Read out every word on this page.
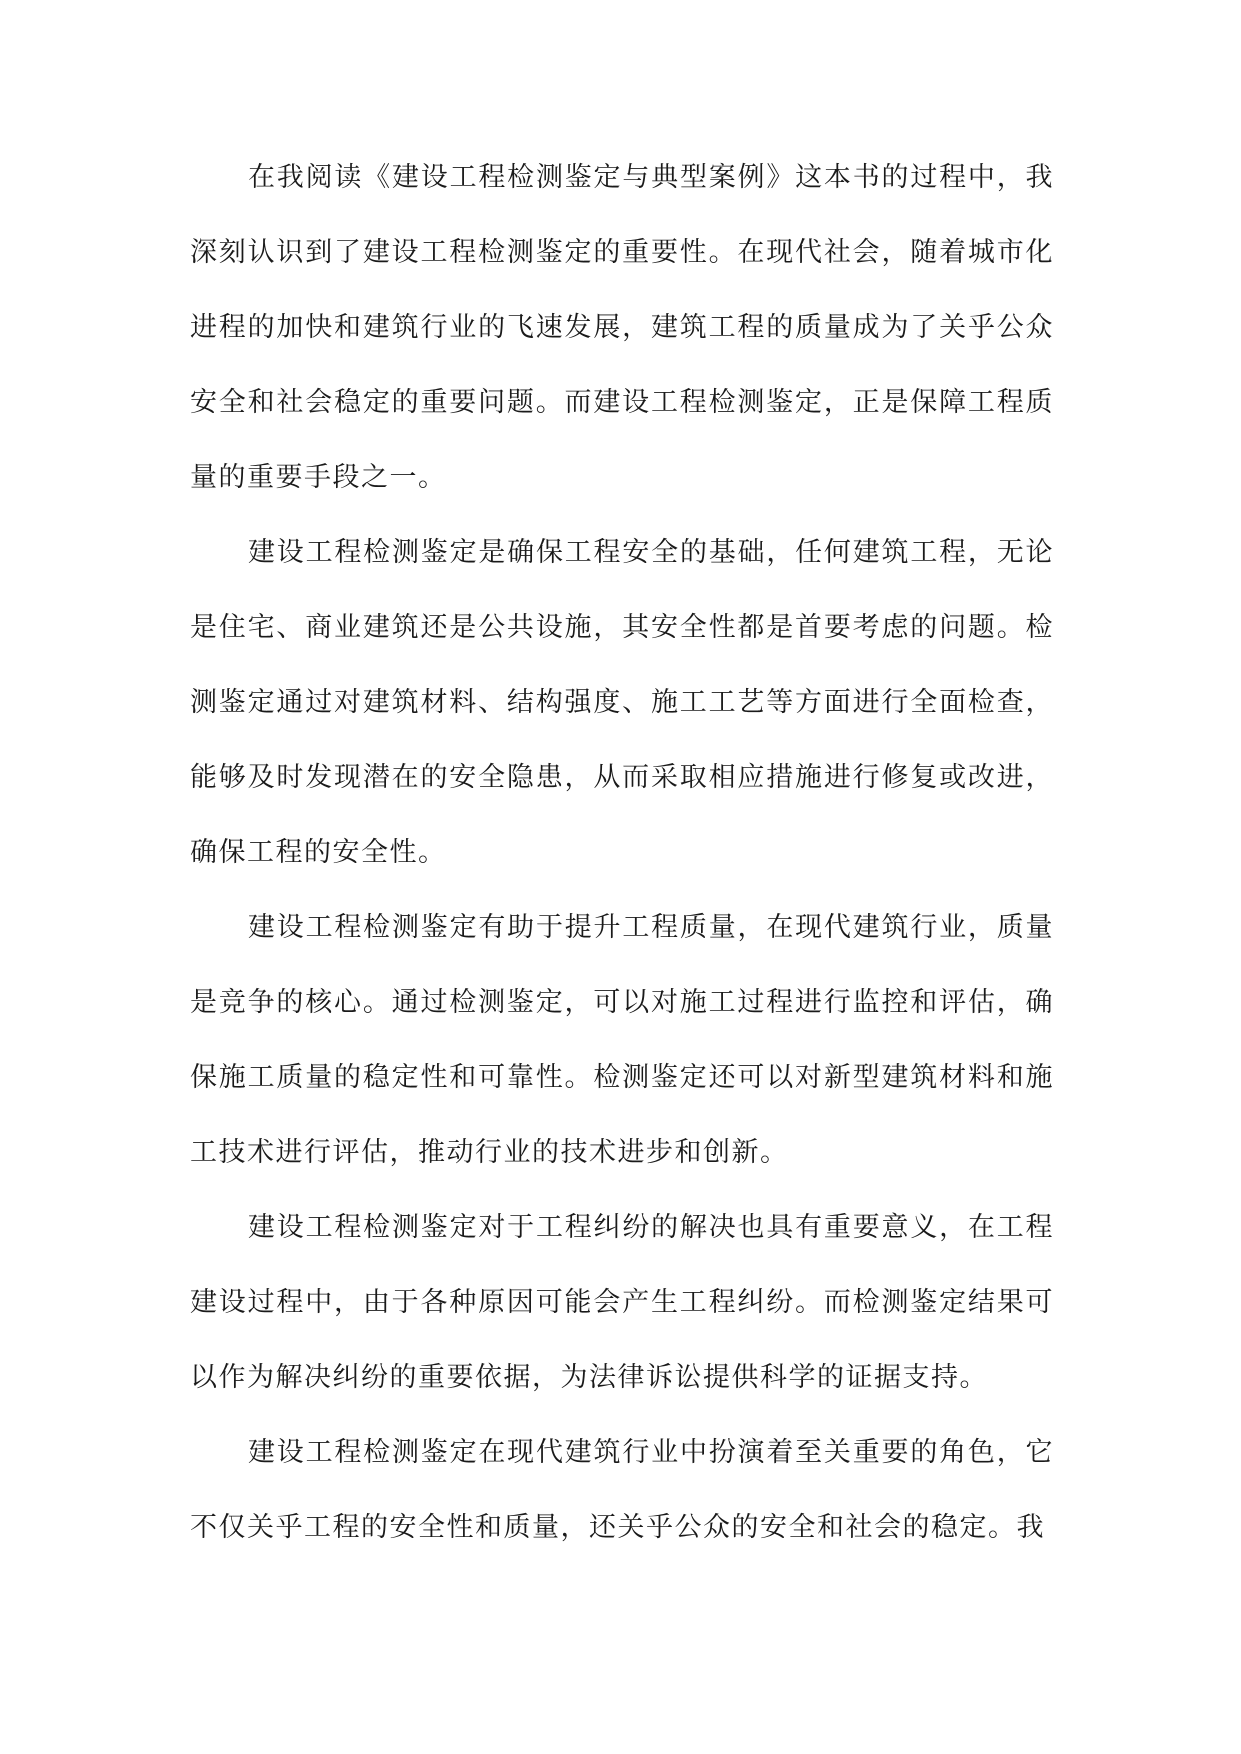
在我阅读《建设工程检测鉴定与典型案例》这本书的过程中，我深刻认识到了建设工程检测鉴定的重要性。在现代社会，随着城市化进程的加快和建筑行业的飞速发展，建筑工程的质量成为了关乎公众安全和社会稳定的重要问题。而建设工程检测鉴定，正是保障工程质量的重要手段之一。

建设工程检测鉴定是确保工程安全的基础，任何建筑工程，无论是住宅、商业建筑还是公共设施，其安全性都是首要考虑的问题。检测鉴定通过对建筑材料、结构强度、施工工艺等方面进行全面检查，能够及时发现潜在的安全隐患，从而采取相应措施进行修复或改进，确保工程的安全性。

建设工程检测鉴定有助于提升工程质量，在现代建筑行业，质量是竞争的核心。通过检测鉴定，可以对施工过程进行监控和评估，确保施工质量的稳定性和可靠性。检测鉴定还可以对新型建筑材料和施工技术进行评估，推动行业的技术进步和创新。

建设工程检测鉴定对于工程纠纷的解决也具有重要意义，在工程建设过程中，由于各种原因可能会产生工程纠纷。而检测鉴定结果可以作为解决纠纷的重要依据，为法律诉讼提供科学的证据支持。

建设工程检测鉴定在现代建筑行业中扮演着至关重要的角色，它不仅关乎工程的安全性和质量，还关乎公众的安全和社会的稳定。我
